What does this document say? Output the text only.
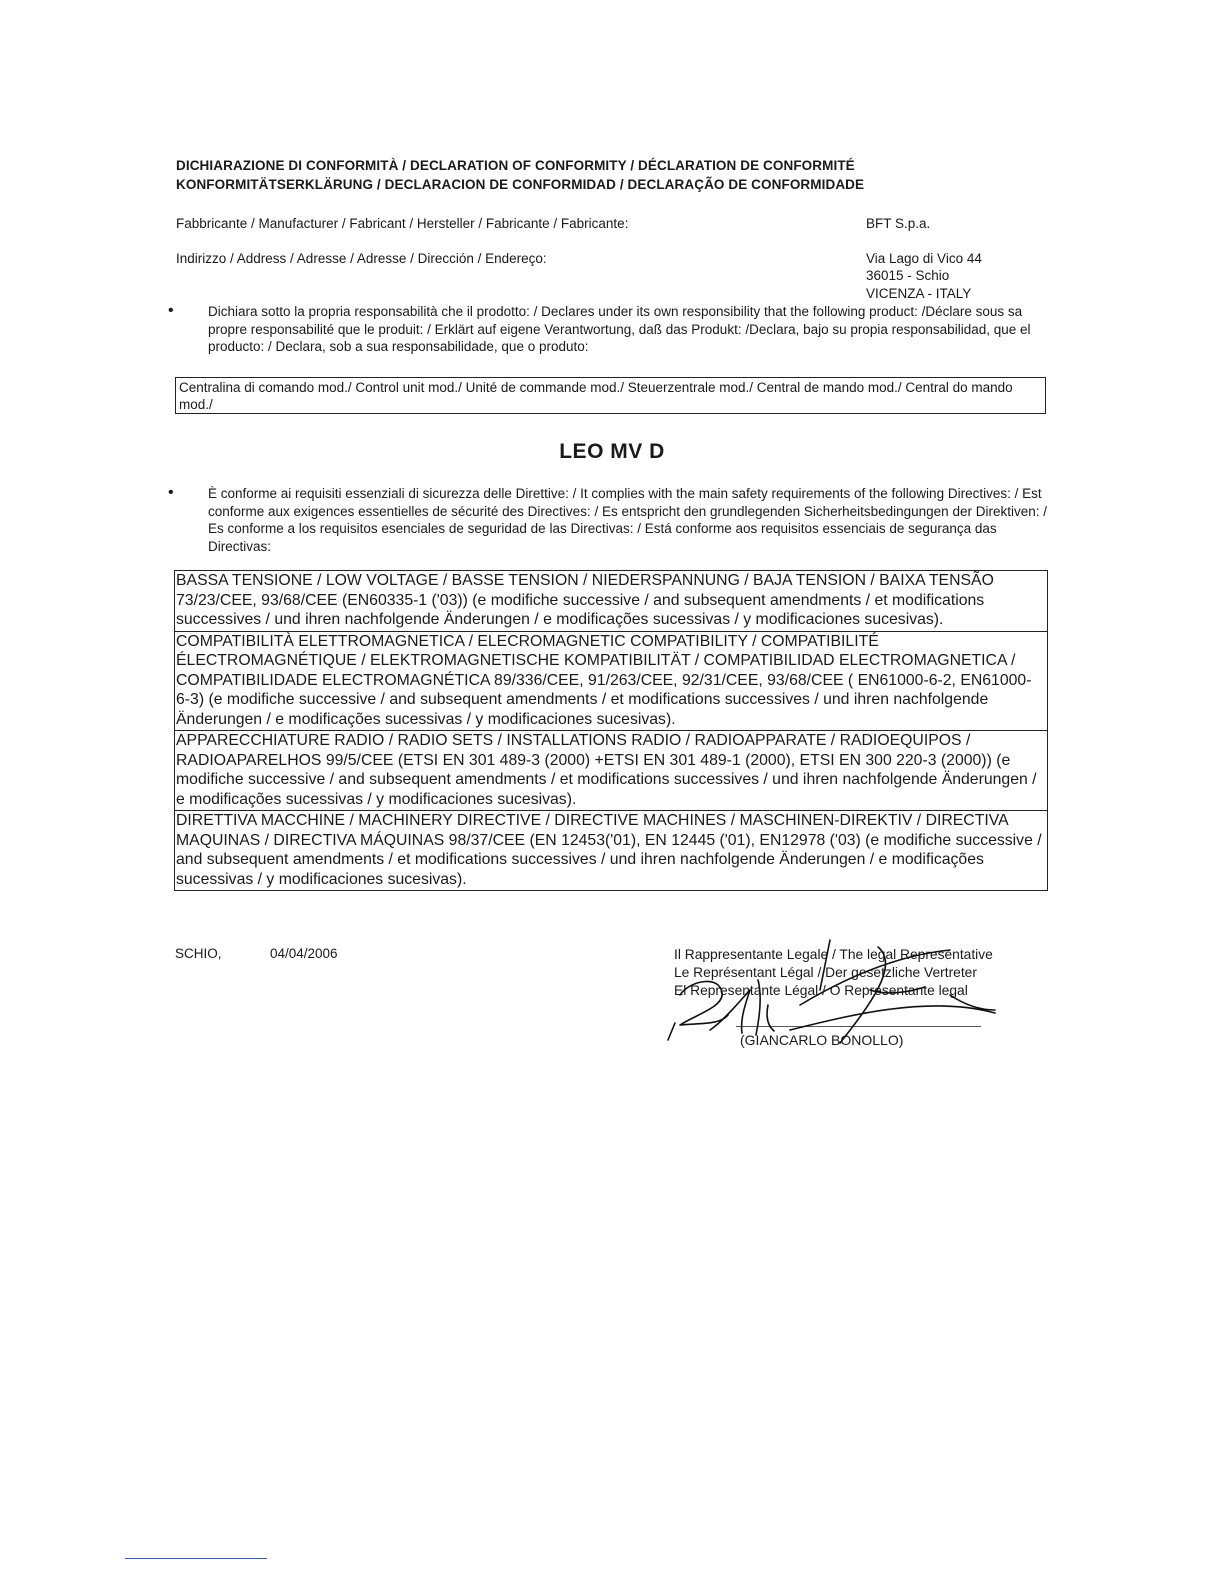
DICHIARAZIONE DI CONFORMITÀ / DECLARATION OF CONFORMITY / DÉCLARATION DE CONFORMITÉ
KONFORMITÄTSERKLÄRUNG / DECLARACION DE CONFORMIDAD / DECLARAÇÃO DE CONFORMIDADE
Fabbricante / Manufacturer / Fabricant / Hersteller / Fabricante / Fabricante:	BFT S.p.a.
Indirizzo / Address / Adresse / Adresse / Dirección / Endereço:	Via Lago di Vico 44
36015 - Schio
VICENZA - ITALY
•	Dichiara sotto la propria responsabilità che il prodotto: / Declares under its own responsibility that the following product: /Déclare sous sa propre responsabilité que le produit: / Erklärt auf eigene Verantwortung, daß das Produkt: /Declara, bajo su propia responsabilidad, que el producto: / Declara, sob a sua responsabilidade, que o produto:
Centralina di comando mod./ Control unit mod./ Unité de commande mod./ Steuerzentrale mod./ Central de mando mod./ Central do mando mod./
LEO MV D
•	È conforme ai requisiti essenziali di sicurezza delle Direttive: / It complies with the main safety requirements of the following Directives: / Est conforme aux exigences essentielles de sécurité des Directives: / Es entspricht den grundlegenden Sicherheitsbedingungen der Direktiven: / Es conforme a los requisitos esenciales de seguridad de las Directivas: / Está conforme aos requisitos essenciais de segurança das Directivas:
BASSA TENSIONE / LOW VOLTAGE / BASSE TENSION / NIEDERSPANNUNG / BAJA TENSION / BAIXA TENSÃO 73/23/CEE, 93/68/CEE (EN60335-1 ('03)) (e modifiche successive / and subsequent amendments / et modifications successives / und ihren nachfolgende Änderungen / e modificações sucessivas / y modificaciones sucesivas).
COMPATIBILITÀ ELETTROMAGNETICA / ELECROMAGNETIC COMPATIBILITY / COMPATIBILITÉ ÉLECTROMAGNÉTIQUE / ELEKTROMAGNETISCHE KOMPATIBILITÄT / COMPATIBILIDAD ELECTROMAGNETICA / COMPATIBILIDADE ELECTROMAGNÉTICA 89/336/CEE, 91/263/CEE, 92/31/CEE, 93/68/CEE ( EN61000-6-2, EN61000-6-3) (e modifiche successive / and subsequent amendments / et modifications successives / und ihren nachfolgende Änderungen / e modificações sucessivas / y modificaciones sucesivas).
APPARECCHIATURE RADIO / RADIO SETS / INSTALLATIONS RADIO / RADIOAPPARATE / RADIOEQUIPOS / RADIOAPARELHOS 99/5/CEE (ETSI EN 301 489-3 (2000) +ETSI EN 301 489-1 (2000), ETSI EN 300 220-3 (2000)) (e modifiche successive / and subsequent amendments / et modifications successives / und ihren nachfolgende Änderungen / e modificações sucessivas / y modificaciones sucesivas).
DIRETTIVA MACCHINE / MACHINERY DIRECTIVE / DIRECTIVE MACHINES / MASCHINEN-DIREKTIV / DIRECTIVA MAQUINAS / DIRECTIVA MÁQUINAS 98/37/CEE (EN 12453('01), EN 12445 ('01), EN12978 ('03) (e modifiche successive / and subsequent amendments / et modifications successives / und ihren nachfolgende Änderungen / e modificações sucessivas / y modificaciones sucesivas).
SCHIO,	04/04/2006	Il Rappresentante Legale / The legal Representative
Le Représentant Légal / Der gesetzliche Vertreter
El Representante Légal / O Representante legal
(GIANCARLO BONOLLO)
